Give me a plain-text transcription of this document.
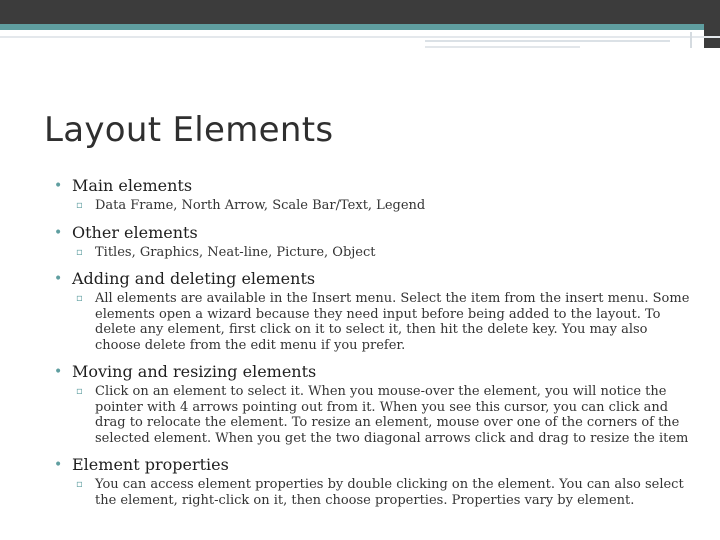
Layout Elements
• Main elements
▫ Data Frame, North Arrow, Scale Bar/Text, Legend
• Other elements
▫ Titles, Graphics, Neat-line, Picture, Object
• Adding and deleting elements
▫ All elements are available in the Insert menu. Select the item from the insert menu. Some elements open a wizard because they need input before being added to the layout. To delete any element, first click on it to select it, then hit the delete key. You may also choose delete from the edit menu if you prefer.
• Moving and resizing elements
▫ Click on an element to select it. When you mouse-over the element, you will notice the pointer with 4 arrows pointing out from it. When you see this cursor, you can click and drag to relocate the element. To resize an element, mouse over one of the corners of the selected element. When you get the two diagonal arrows click and drag to resize the item
• Element properties
▫ You can access element properties by double clicking on the element. You can also select the element, right-click on it, then choose properties. Properties vary by element.
